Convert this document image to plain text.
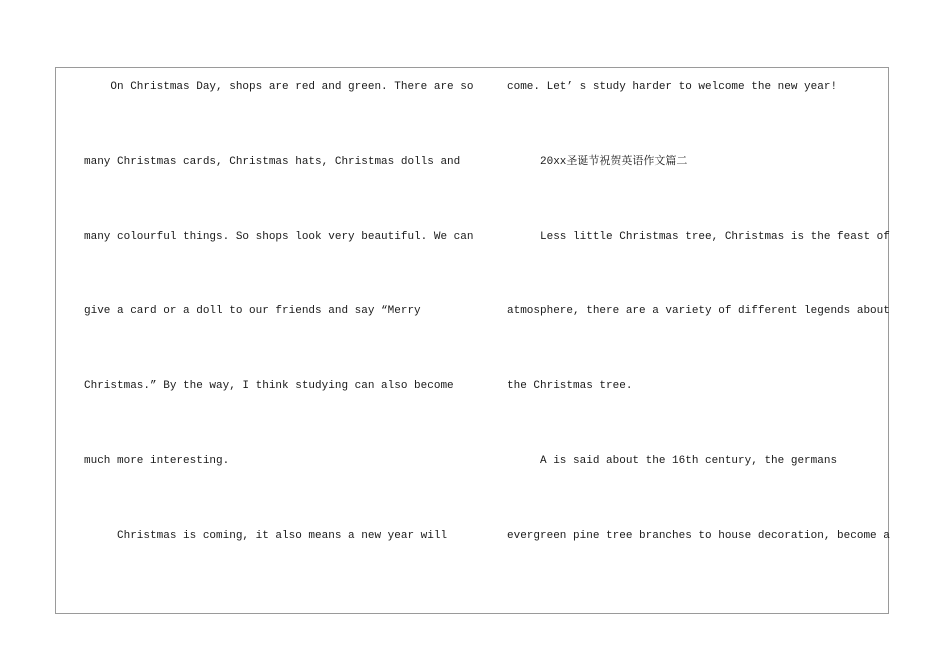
On Christmas Day, shops are red and green. There are so
many Christmas cards, Christmas hats, Christmas dolls and
many colourful things. So shops look very beautiful. We can
give a card or a doll to our friends and say “Merry
Christmas.” By the way, I think studying can also become
much more interesting.
Christmas is coming, it also means a new year will
come. Let’ s study harder to welcome the new year!
20xx圣诞节祝贺英语作文篇二
Less little Christmas tree, Christmas is the feast of
atmosphere, there are a variety of different legends about
the Christmas tree.
A is said about the 16th century, the germans
evergreen pine tree branches to house decoration, become a
